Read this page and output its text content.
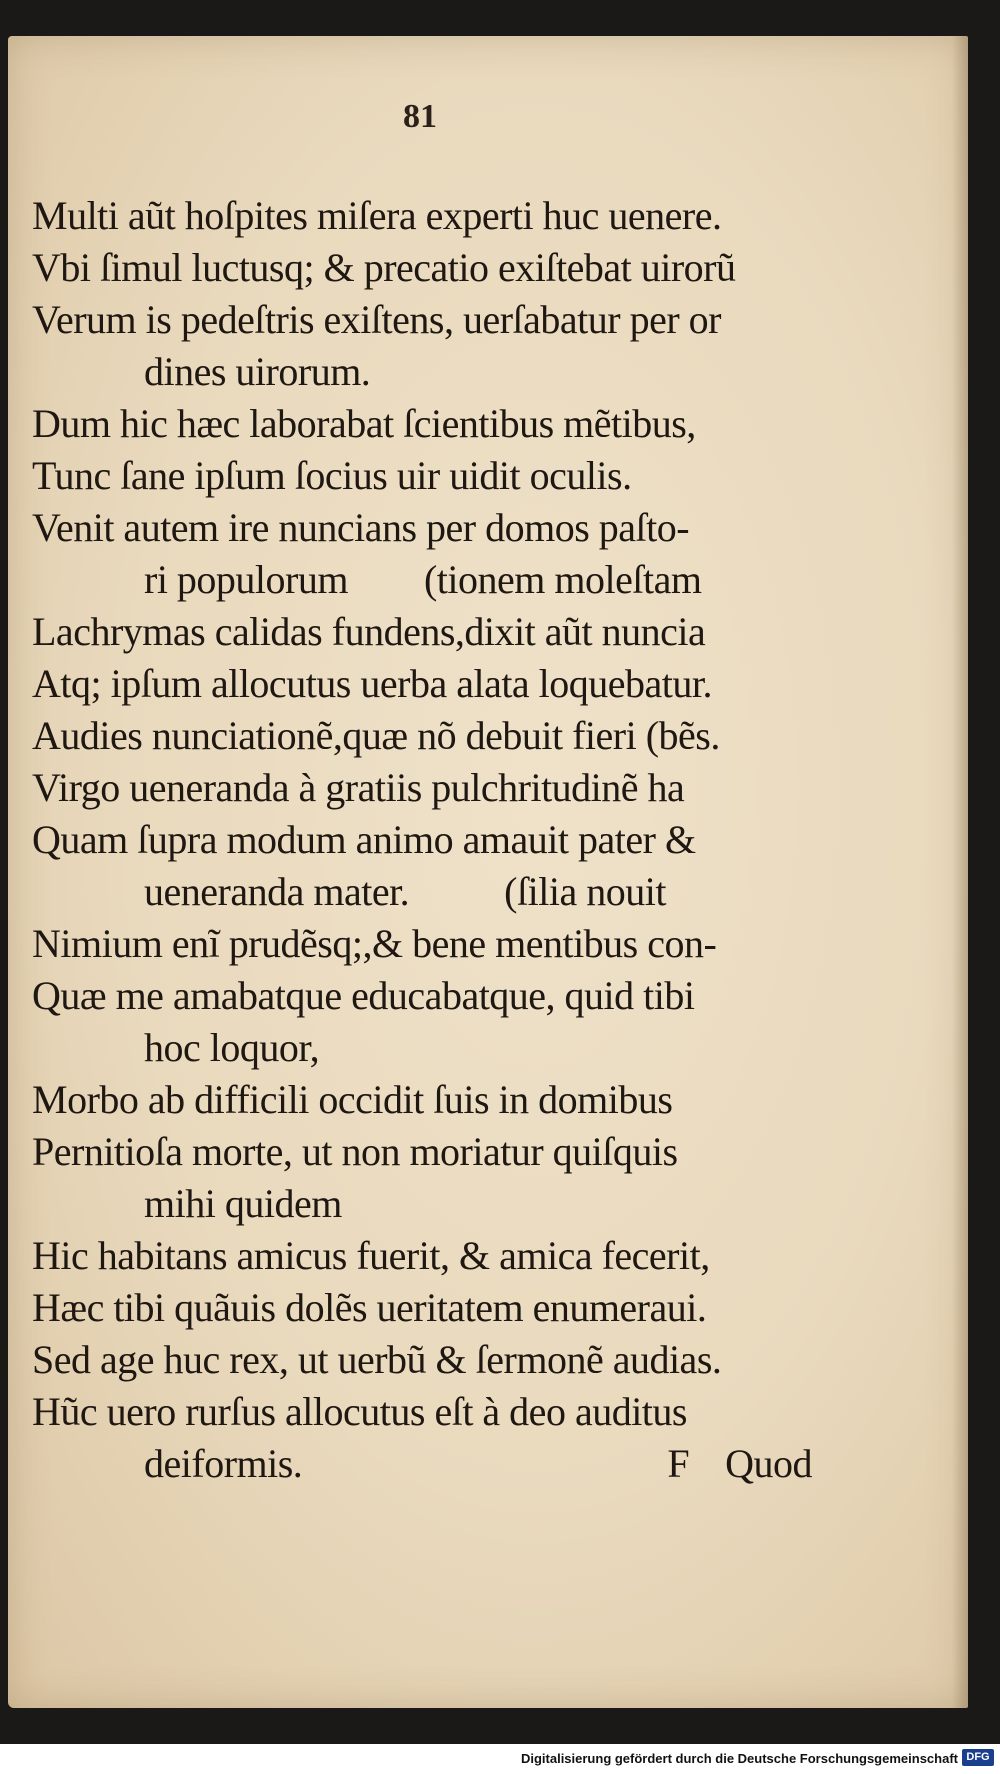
81
Multi aũt hoſpites miſera experti huc uenere.
Vbi ſimul luctusq; & precatio exiſtebat uirorũ
Verum is pedeſtris exiſtens, uerſabatur per or
dines uirorum.
Dum hic hæc laborabat ſcientibus mẽtibus,
Tunc ſane ipſum ſocius uir uidit oculis.
Venit autem ire nuncians per domos paſto-
ri populorum        (tionem moleſtam
Lachrymas calidas fundens,dixit aũt nuncia
Atq; ipſum allocutus uerba alata loquebatur.
Audies nunciationẽ,quæ nõ debuit fieri (bẽs.
Virgo ueneranda à gratiis pulchritudinẽ ha
Quam ſupra modum animo amauit pater &
ueneranda mater.          (ſilia nouit
Nimium enĩ prudẽsq;,& bene mentibus con-
Quæ me amabatque educabatque, quid tibi
hoc loquor,
Morbo ab difficili occidit ſuis in domibus
Pernitioſa morte, ut non moriatur quiſquis
mihi quidem
Hic habitans amicus fuerit, & amica fecerit,
Hæc tibi quãuis dolẽs ueritatem enumeraui.
Sed age huc rex, ut uerbũ & ſermonẽ audias.
Hũc uero rurſus allocutus eſt à deo auditus
deiformis.	F Quod
Digitalisierung gefördert durch die Deutsche Forschungsgemeinschaft DFG
